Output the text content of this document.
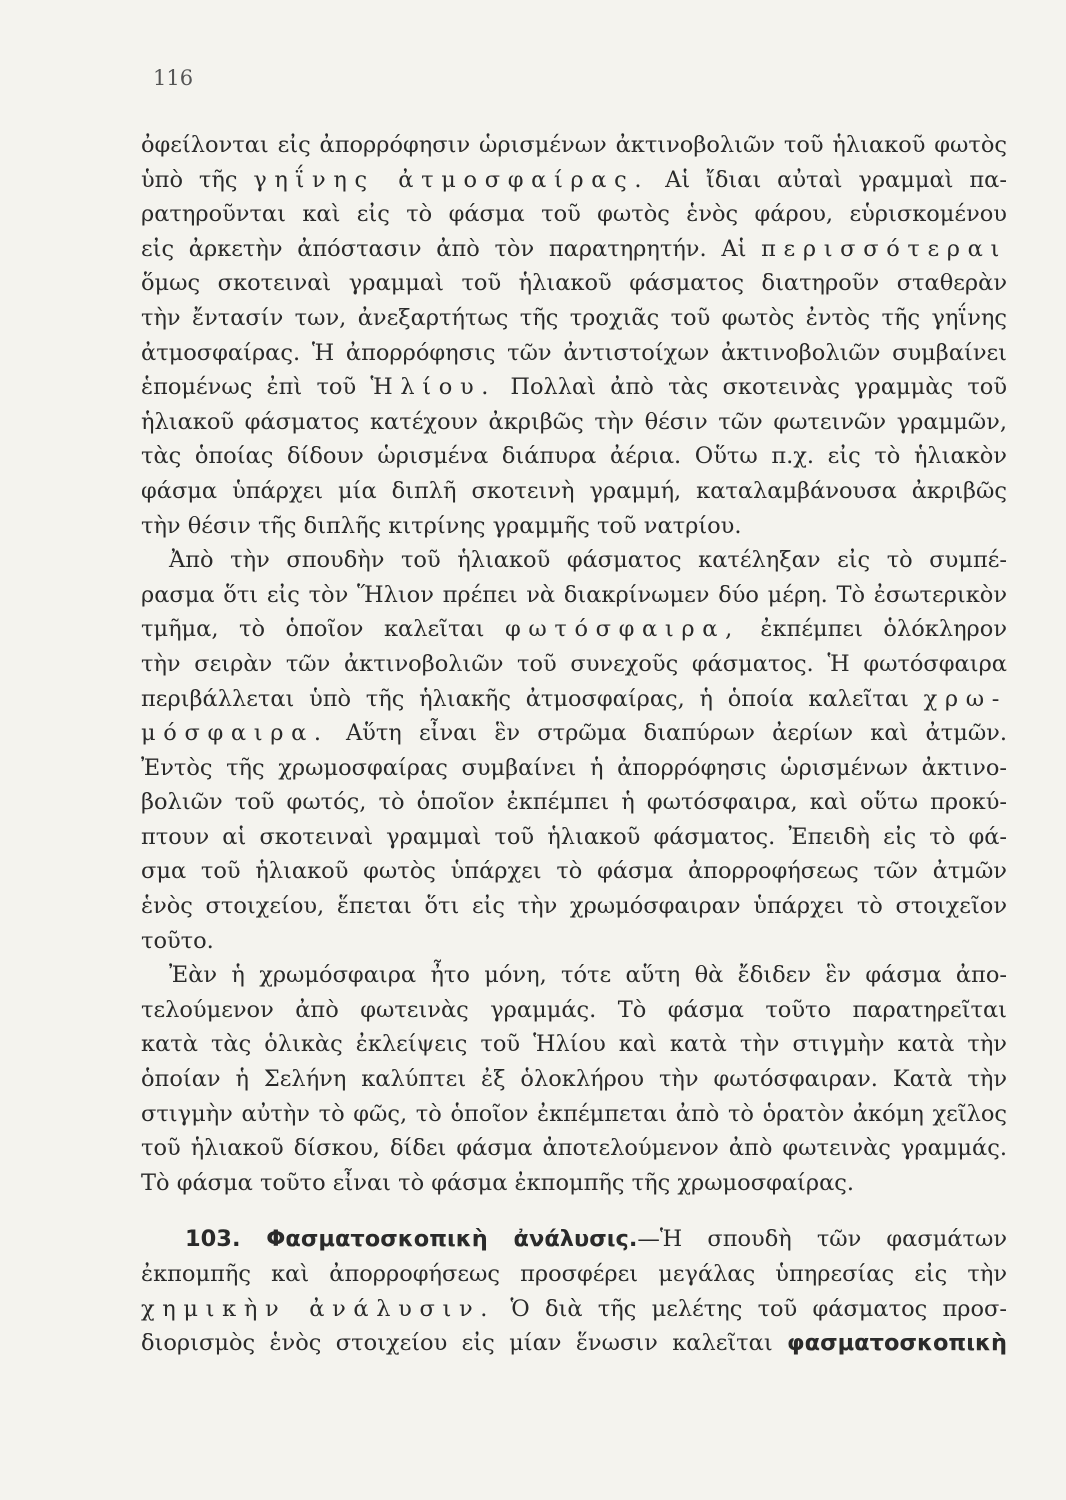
116
ὀφείλονται εἰς ἀπορρόφησιν ὡρισμένων ἀκτινοβολιῶν τοῦ ἡλιακοῦ φωτὸς
ὑπὸ τῆς γηΐνης ἀτμοσφαίρας. Αἱ ἴδιαι αὐταὶ γραμμαὶ πα-
ρατηροῦνται καὶ εἰς τὸ φάσμα τοῦ φωτὸς ἑνὸς φάρου, εὑρισκομένου
εἰς ἀρκετὴν ἀπόστασιν ἀπὸ τὸν παρατηρητήν. Αἱ περισσότεραι
ὅμως σκοτειναὶ γραμμαὶ τοῦ ἡλιακοῦ φάσματος διατηροῦν σταθερὰν
τὴν ἔντασίν των, ἀνεξαρτήτως τῆς τροχιᾶς τοῦ φωτὸς ἐντὸς τῆς γηΐνης
ἀτμοσφαίρας. Ἡ ἀπορρόφησις τῶν ἀντιστοίχων ἀκτινοβολιῶν συμβαίνει
ἑπομένως ἐπὶ τοῦ Ἡλίου. Πολλαὶ ἀπὸ τὰς σκοτεινὰς γραμμὰς τοῦ
ἡλιακοῦ φάσματος κατέχουν ἀκριβῶς τὴν θέσιν τῶν φωτεινῶν γραμμῶν,
τὰς ὁποίας δίδουν ὡρισμένα διάπυρα ἀέρια. Οὕτω π.χ. εἰς τὸ ἡλιακὸν
φάσμα ὑπάρχει μία διπλῆ σκοτεινὴ γραμμή, καταλαμβάνουσα ἀκριβῶς
τὴν θέσιν τῆς διπλῆς κιτρίνης γραμμῆς τοῦ νατρίου.
Ἀπὸ τὴν σπουδὴν τοῦ ἡλιακοῦ φάσματος κατέληξαν εἰς τὸ συμπέ-
ρασμα ὅτι εἰς τὸν Ἥλιον πρέπει νὰ διακρίνωμεν δύο μέρη. Τὸ ἐσωτερικὸν
τμῆμα, τὸ ὁποῖον καλεῖται φωτόσφαιρα, ἐκπέμπει ὁλόκληρον
τὴν σειρὰν τῶν ἀκτινοβολιῶν τοῦ συνεχοῦς φάσματος. Ἡ φωτόσφαιρα
περιβάλλεται ὑπὸ τῆς ἡλιακῆς ἀτμοσφαίρας, ἡ ὁποία καλεῖται χρω-
μόσφαιρα. Αὕτη εἶναι ἓν στρῶμα διαπύρων ἀερίων καὶ ἀτμῶν.
Ἐντὸς τῆς χρωμοσφαίρας συμβαίνει ἡ ἀπορρόφησις ὡρισμένων ἀκτινο-
βολιῶν τοῦ φωτός, τὸ ὁποῖον ἐκπέμπει ἡ φωτόσφαιρα, καὶ οὕτω προκύ-
πτουν αἱ σκοτειναὶ γραμμαὶ τοῦ ἡλιακοῦ φάσματος. Ἐπειδὴ εἰς τὸ φά-
σμα τοῦ ἡλιακοῦ φωτὸς ὑπάρχει τὸ φάσμα ἀπορροφήσεως τῶν ἀτμῶν
ἑνὸς στοιχείου, ἕπεται ὅτι εἰς τὴν χρωμόσφαιραν ὑπάρχει τὸ στοιχεῖον
τοῦτο.
Ἐὰν ἡ χρωμόσφαιρα ἦτο μόνη, τότε αὕτη θὰ ἔδιδεν ἓν φάσμα ἀπο-
τελούμενον ἀπὸ φωτεινὰς γραμμάς. Τὸ φάσμα τοῦτο παρατηρεῖται
κατὰ τὰς ὁλικὰς ἐκλείψεις τοῦ Ἡλίου καὶ κατὰ τὴν στιγμὴν κατὰ τὴν
ὁποίαν ἡ Σελήνη καλύπτει ἐξ ὁλοκλήρου τὴν φωτόσφαιραν. Κατὰ τὴν
στιγμὴν αὐτὴν τὸ φῶς, τὸ ὁποῖον ἐκπέμπεται ἀπὸ τὸ ὁρατὸν ἀκόμη χεῖλος
τοῦ ἡλιακοῦ δίσκου, δίδει φάσμα ἀποτελούμενον ἀπὸ φωτεινὰς γραμμάς.
Τὸ φάσμα τοῦτο εἶναι τὸ φάσμα ἐκπομπῆς τῆς χρωμοσφαίρας.
103. Φασματοσκοπικὴ ἀνάλυσις.—Ἡ σπουδὴ τῶν φασμάτων
ἐκπομπῆς καὶ ἀπορροφήσεως προσφέρει μεγάλας ὑπηρεσίας εἰς τὴν
χημικὴν ἀνάλυσιν. Ὁ διὰ τῆς μελέτης τοῦ φάσματος προσ-
διορισμὸς ἑνὸς στοιχείου εἰς μίαν ἕνωσιν καλεῖται φασματοσκοπικὴ
